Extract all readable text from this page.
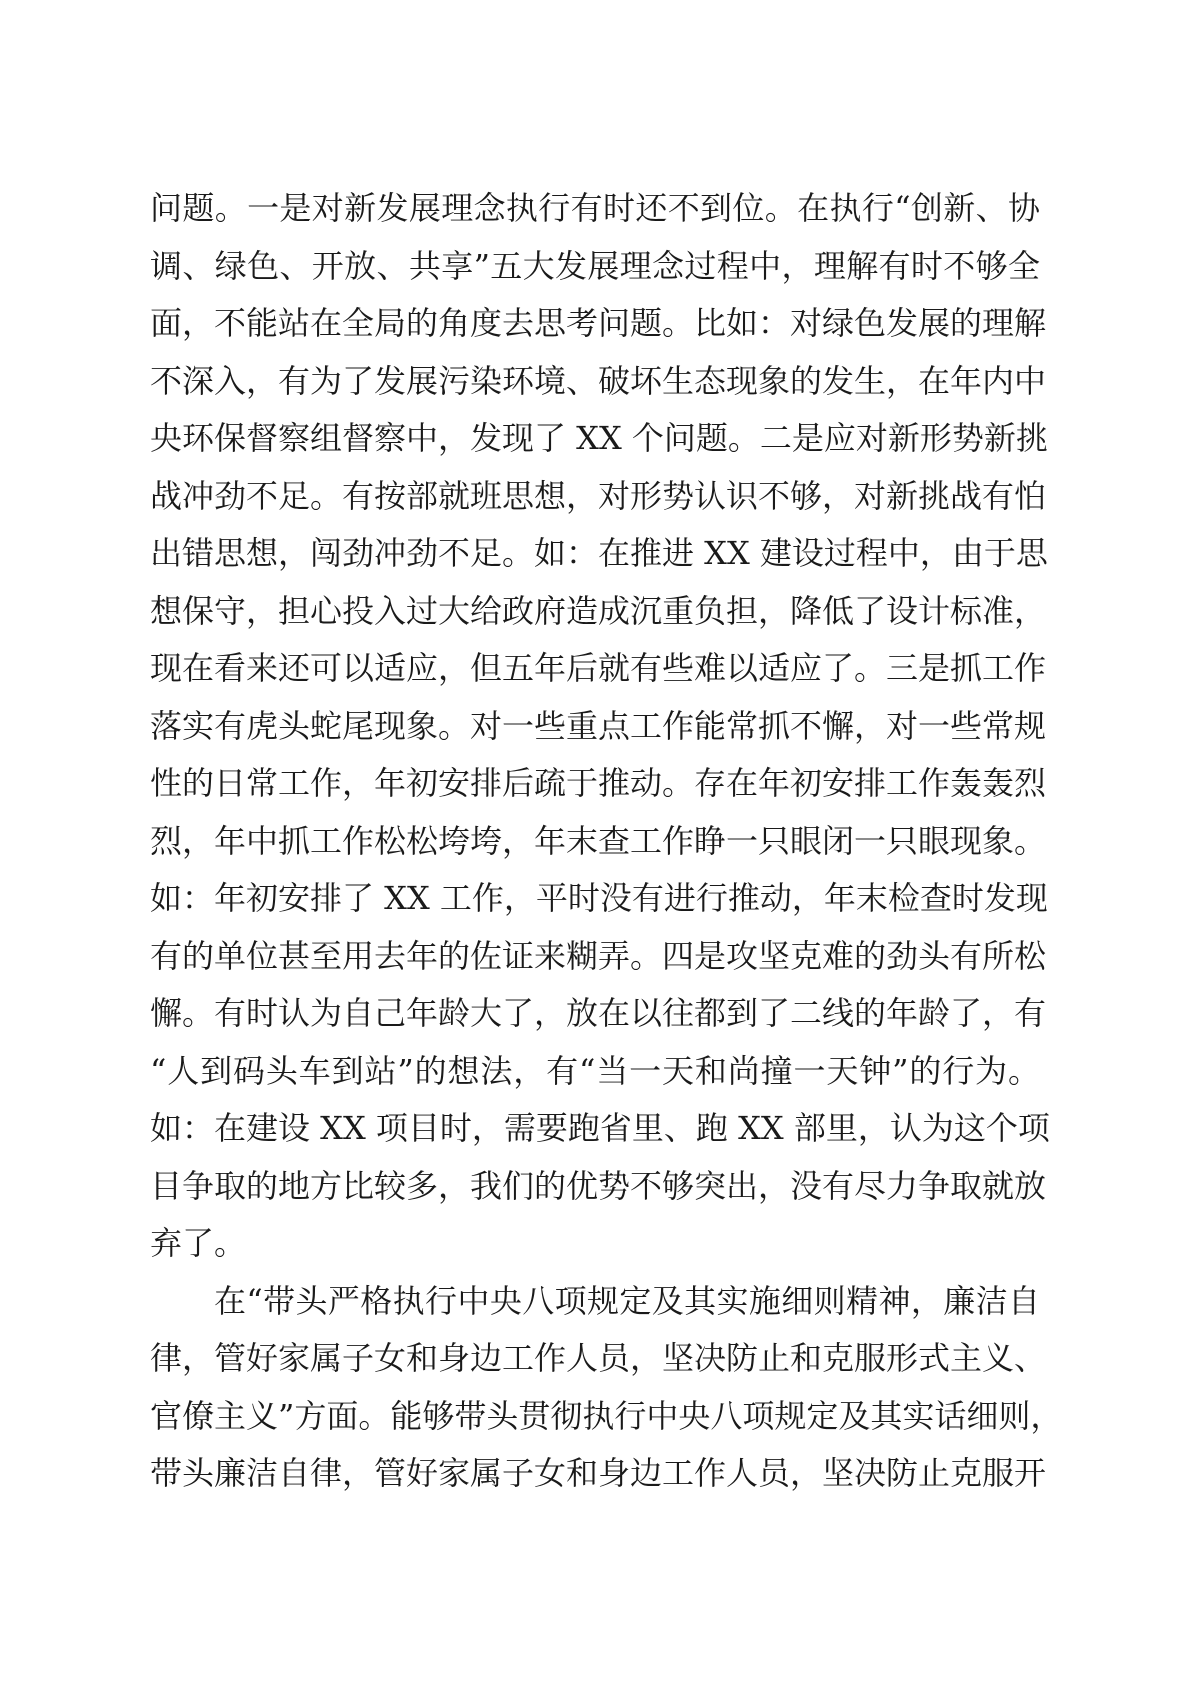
问题。一是对新发展理念执行有时还不到位。在执行“创新、协
调、绿色、开放、共享”五大发展理念过程中，理解有时不够全
面，不能站在全局的角度去思考问题。比如：对绿色发展的理解
不深入，有为了发展污染环境、破坏生态现象的发生，在年内中
央环保督察组督察中，发现了 XX 个问题。二是应对新形势新挑
战冲劲不足。有按部就班思想，对形势认识不够，对新挑战有怕
出错思想，闯劲冲劲不足。如：在推进 XX 建设过程中，由于思
想保守，担心投入过大给政府造成沉重负担，降低了设计标准，
现在看来还可以适应，但五年后就有些难以适应了。三是抓工作
落实有虎头蛇尾现象。对一些重点工作能常抓不懈，对一些常规
性的日常工作，年初安排后疏于推动。存在年初安排工作轰轰烈
烈，年中抓工作松松垮垮，年末查工作睁一只眼闭一只眼现象。
如：年初安排了 XX 工作，平时没有进行推动，年末检查时发现
有的单位甚至用去年的佐证来糊弄。四是攻坚克难的劲头有所松
懈。有时认为自己年龄大了，放在以往都到了二线的年龄了，有
“人到码头车到站”的想法，有“当一天和尚撞一天钟”的行为。
如：在建设 XX 项目时，需要跑省里、跑 XX 部里，认为这个项
目争取的地方比较多，我们的优势不够突出，没有尽力争取就放
弃了。
在“带头严格执行中央八项规定及其实施细则精神，廉洁自
律，管好家属子女和身边工作人员，坚决防止和克服形式主义、
官僚主义”方面。能够带头贯彻执行中央八项规定及其实话细则，
带头廉洁自律，管好家属子女和身边工作人员，坚决防止克服开
